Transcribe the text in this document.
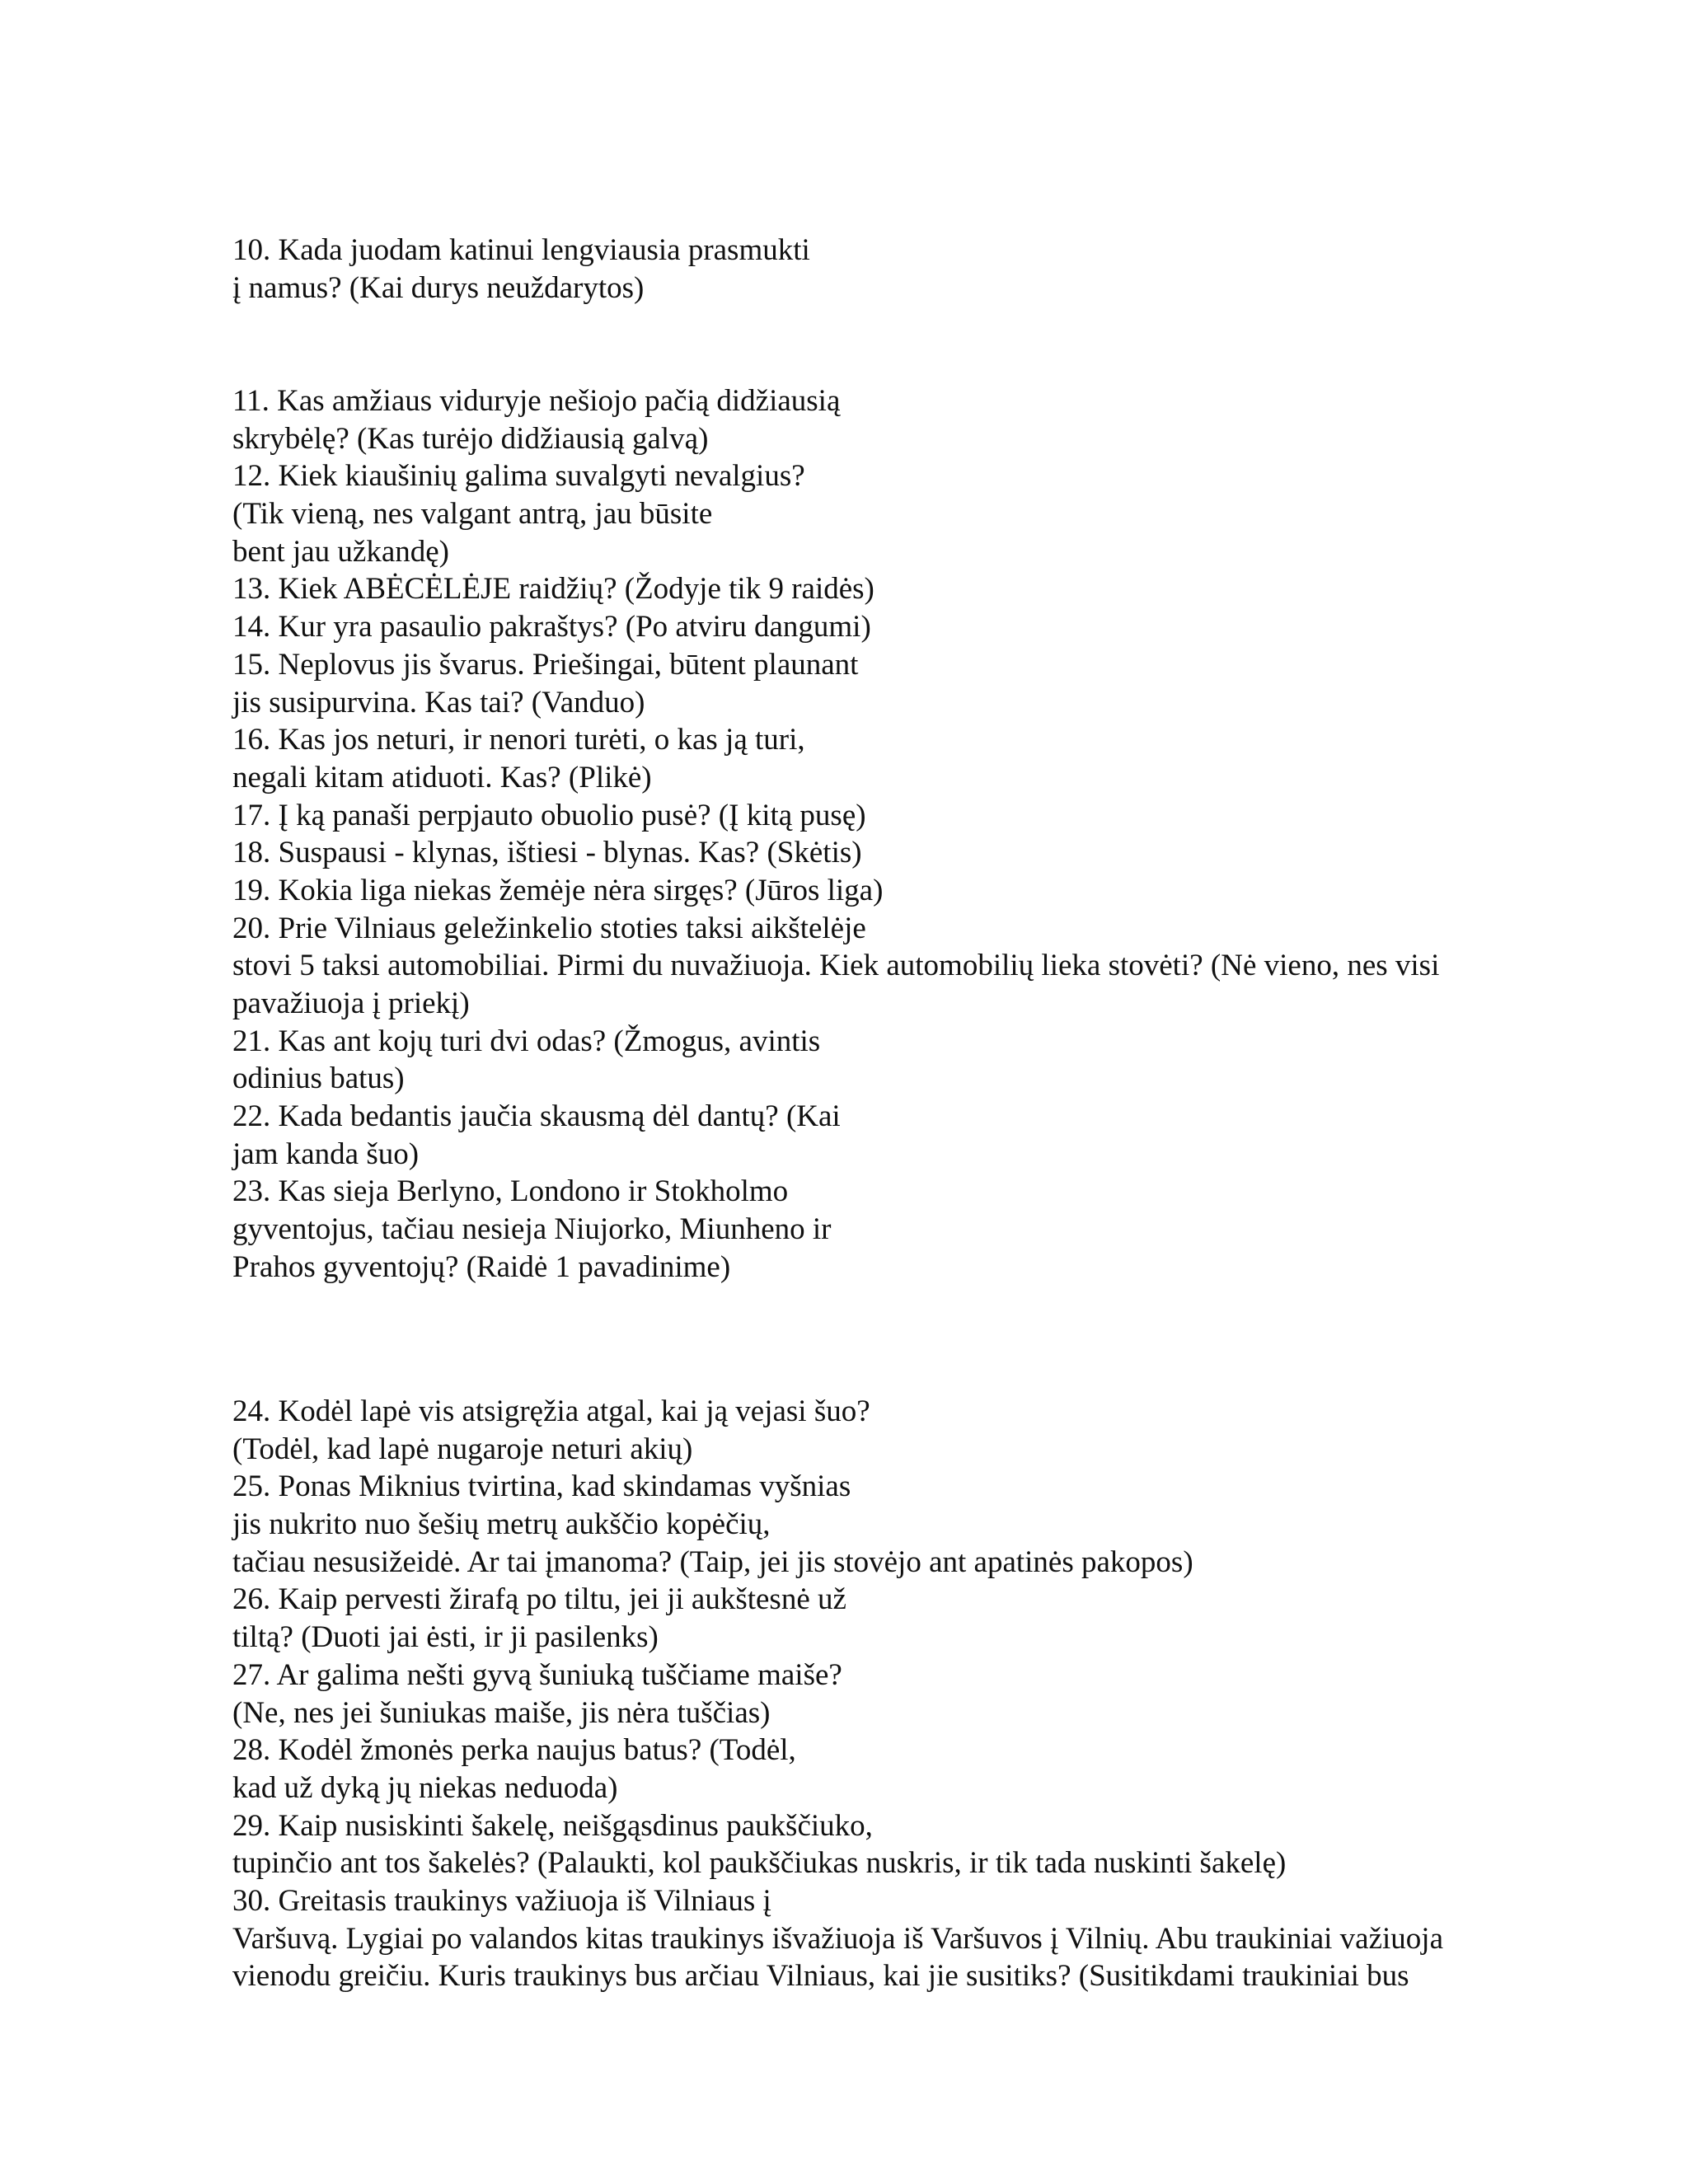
10. Kada juodam katinui lengviausia prasmukti
į namus? (Kai durys neuždarytos)
11. Kas amžiaus viduryje nešiojo pačią didžiausią
skrybėlę? (Kas turėjo didžiausią galvą)
12. Kiek kiaušinių galima suvalgyti nevalgius?
(Tik vieną, nes valgant antrą, jau būsite
bent jau užkandę)
13. Kiek ABĖCĖLĖJE raidžių? (Žodyje tik 9 raidės)
14. Kur yra pasaulio pakraštys? (Po atviru dangumi)
15. Neplovus jis švarus. Priešingai, būtent plaunant
jis susipurvina. Kas tai? (Vanduo)
16. Kas jos neturi, ir nenori turėti, o kas ją turi,
negali kitam atiduoti. Kas? (Plikė)
17. Į ką panaši perpjauto obuolio pusė? (Į kitą pusę)
18. Suspausi - klynas, ištiesi - blynas. Kas? (Skėtis)
19. Kokia liga niekas žemėje nėra sirgęs? (Jūros liga)
20. Prie Vilniaus geležinkelio stoties taksi aikštelėje
stovi 5 taksi automobiliai. Pirmi du nuvažiuoja. Kiek automobilių lieka stovėti? (Nė vieno, nes visi
pavažiuoja į priekį)
21. Kas ant kojų turi dvi odas? (Žmogus, avintis
odinius batus)
22. Kada bedantis jaučia skausmą dėl dantų? (Kai
jam kanda šuo)
23. Kas sieja Berlyno, Londono ir Stokholmo
gyventojus, tačiau nesieja Niujorko, Miunheno ir
Prahos gyventojų? (Raidė 1 pavadinime)
24. Kodėl lapė vis atsigręžia atgal, kai ją vejasi šuo?
(Todėl, kad lapė nugaroje neturi akių)
25. Ponas Miknius tvirtina, kad skindamas vyšnias
jis nukrito nuo šešių metrų aukščio kopėčių,
tačiau nesusižeidė. Ar tai įmanoma? (Taip, jei jis stovėjo ant apatinės pakopos)
26. Kaip pervesti žirafą po tiltu, jei ji aukštesnė už
tiltą? (Duoti jai ėsti, ir ji pasilenks)
27. Ar galima nešti gyvą šuniuką tuščiame maiše?
(Ne, nes jei šuniukas maiše, jis nėra tuščias)
28. Kodėl žmonės perka naujus batus? (Todėl,
kad už dyką jų niekas neduoda)
29. Kaip nusiskinti šakelę, neišgąsdinus paukščiuko,
tupinčio ant tos šakelės? (Palaukti, kol paukščiukas nuskris, ir tik tada nuskinti šakelę)
30. Greitasis traukinys važiuoja iš Vilniaus į
Varšuvą. Lygiai po valandos kitas traukinys išvažiuoja iš Varšuvos į Vilnių. Abu traukiniai važiuoja
vienodu greičiu. Kuris traukinys bus arčiau Vilniaus, kai jie susitiks? (Susitikdami traukiniai bus
